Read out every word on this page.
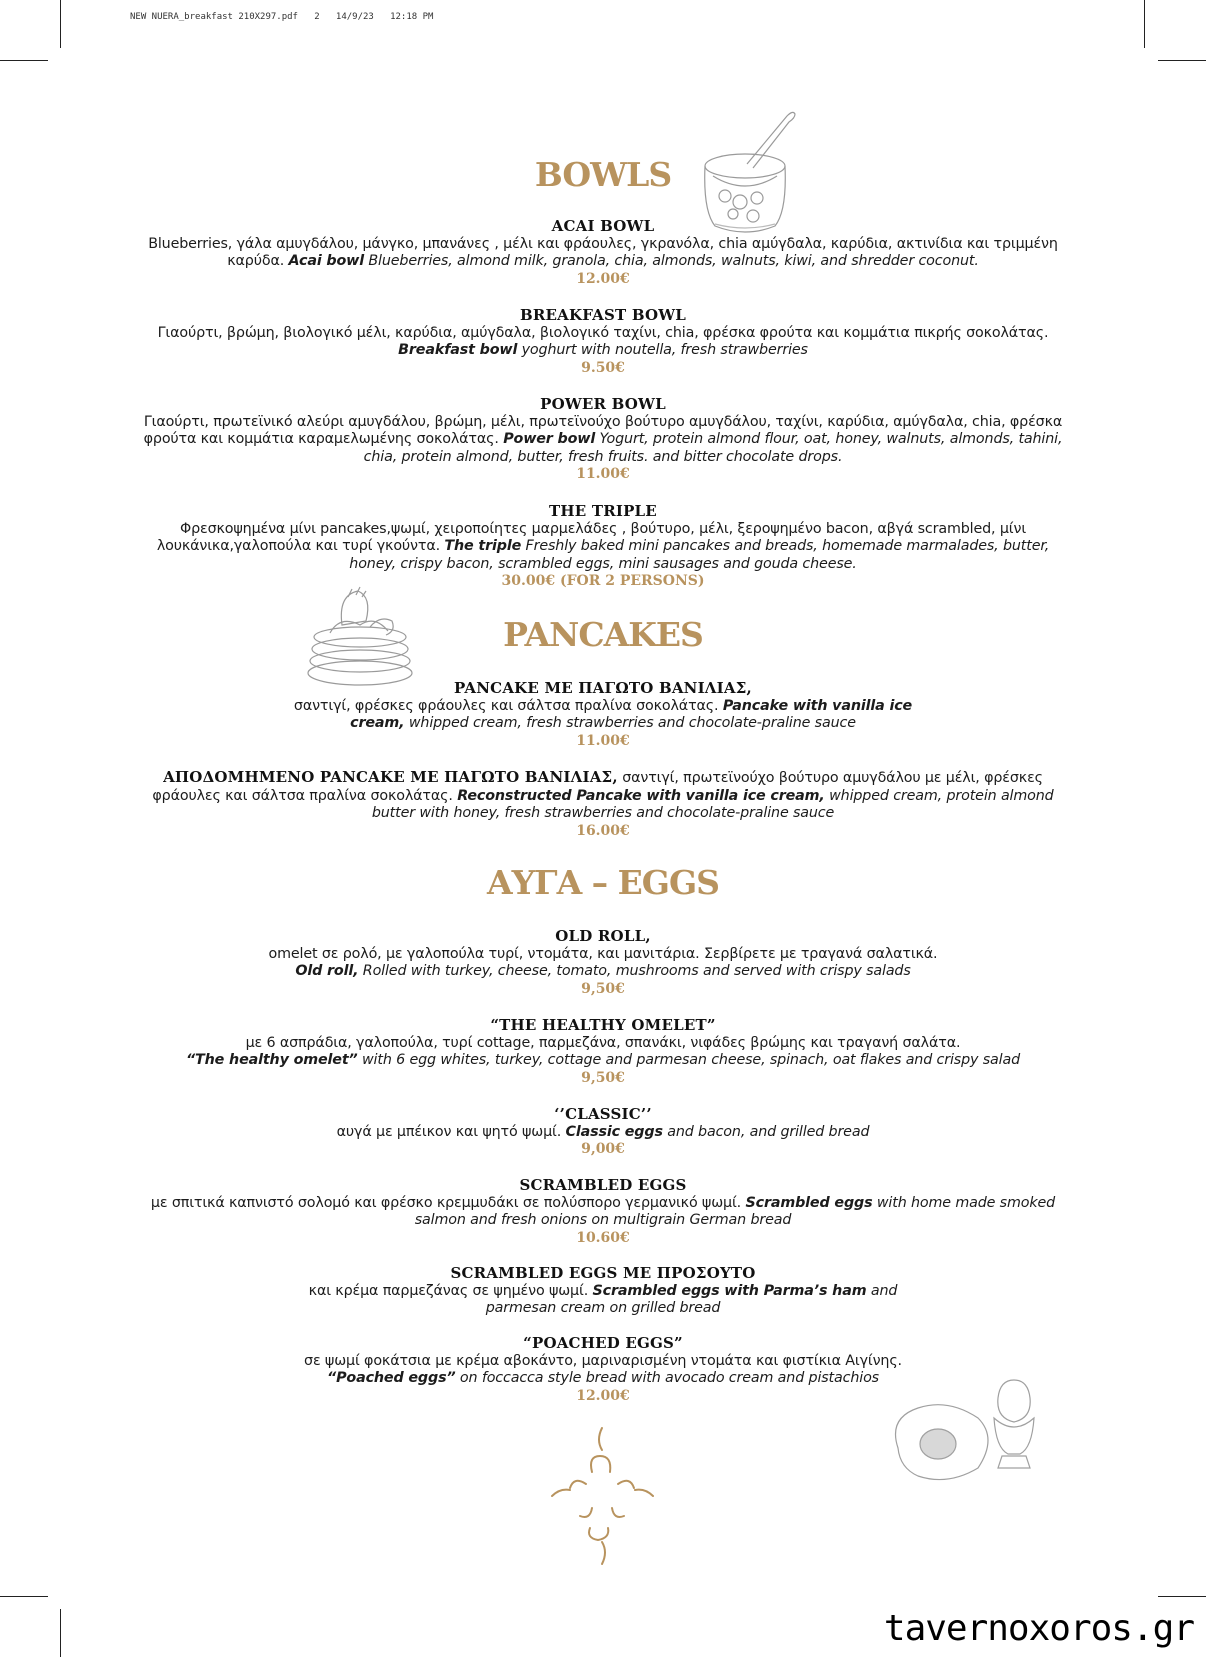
NEW NUERA_breakfast 210X297.pdf   2   14/9/23   12:18 PM
BOWLS
ACAI BOWL
Blueberries, γάλα αμυγδάλου, μάνγκο, μπανάνες , μέλι και φράουλες, γκρανόλα, chia αμύγδαλα, καρύδια, ακτινίδια και τριμμένη καρύδα. Acai bowl Blueberries, almond milk, granola, chia, almonds, walnuts, kiwi, and shredder coconut.
12.00€
BREAKFAST BOWL
Γιαούρτι, βρώμη, βιολογικό μέλι, καρύδια, αμύγδαλα, βιολογικό ταχίνι, chia, φρέσκα φρούτα και κομμάτια πικρής σοκολάτας. Breakfast bowl yoghurt with noutella, fresh strawberries
9.50€
POWER BOWL
Γιαούρτι, πρωτεϊνικό αλεύρι αμυγδάλου, βρώμη, μέλι, πρωτεϊνούχο βούτυρο αμυγδάλου, ταχίνι, καρύδια, αμύγδαλα, chia, φρέσκα φρούτα και κομμάτια καραμελωμένης σοκολάτας. Power bowl Yogurt, protein almond flour, oat, honey, walnuts, almonds, tahini, chia, protein almond, butter, fresh fruits. and bitter chocolate drops.
11.00€
THE TRIPLE
Φρεσκοψημένα μίνι pancakes,ψωμί, χειροποίητες μαρμελάδες , βούτυρο, μέλι, ξεροψημένο bacon, αβγά scrambled, μίνι λουκάνικα,γαλοπούλα και τυρί γκούντα. The triple Freshly baked mini pancakes and breads, homemade marmalades, butter, honey, crispy bacon, scrambled eggs, mini sausages and gouda cheese.
30.00€ (FOR 2 PERSONS)
PANCAKES
PANCAKE ΜΕ ΠΑΓΩΤΟ ΒΑΝΙΛΙΑΣ,
σαντιγί, φρέσκες φράουλες και σάλτσα πραλίνα σοκολάτας. Pancake with vanilla ice cream, whipped cream, fresh strawberries and chocolate-praline sauce
11.00€
ΑΠΟΔΟΜΗΜΕΝΟ PANCAKE ΜΕ ΠΑΓΩΤΟ ΒΑΝΙΛΙΑΣ, σαντιγί, πρωτεϊνούχο βούτυρο αμυγδάλου με μέλι, φρέσκες φράουλες και σάλτσα πραλίνα σοκολάτας. Reconstructed Pancake with vanilla ice cream, whipped cream, protein almond butter with honey, fresh strawberries and chocolate-praline sauce
16.00€
ΑΥΓΑ – EGGS
OLD ROLL,
omelet σε ρολό, με γαλοπούλα τυρί, ντομάτα, και μανιτάρια. Σερβίρετε με τραγανά σαλατικά.
Old roll, Rolled with turkey, cheese, tomato, mushrooms and served with crispy salads
9,50€
“THE HEALTHY OMELET”
με 6 ασπράδια, γαλοπούλα, τυρί cottage, παρμεζάνα, σπανάκι, νιφάδες βρώμης και τραγανή σαλάτα.
“The healthy omelet” with 6 egg whites, turkey, cottage and parmesan cheese, spinach, oat flakes and crispy salad
9,50€
‘’CLASSIC’’
αυγά με μπέικον και ψητό ψωμί. Classic eggs and bacon, and grilled bread
9,00€
SCRAMBLED EGGS
με σπιτικά καπνιστό σολομό και φρέσκο κρεμμυδάκι σε πολύσπορο γερμανικό ψωμί. Scrambled eggs with home made smoked salmon and fresh onions on multigrain German bread
10.60€
SCRAMBLED EGGS ΜΕ ΠΡΟΣΟΥΤΟ
και κρέμα παρμεζάνας σε ψημένο ψωμί. Scrambled eggs with Parma’s ham and parmesan cream on grilled bread
“POACHED EGGS”
σε ψωμί φοκάτσια με κρέμα αβοκάντο, μαριναρισμένη ντομάτα και φιστίκια Αιγίνης.
“Poached eggs” on foccacca style bread with avocado cream and pistachios
12.00€
tavernoxoros.gr
